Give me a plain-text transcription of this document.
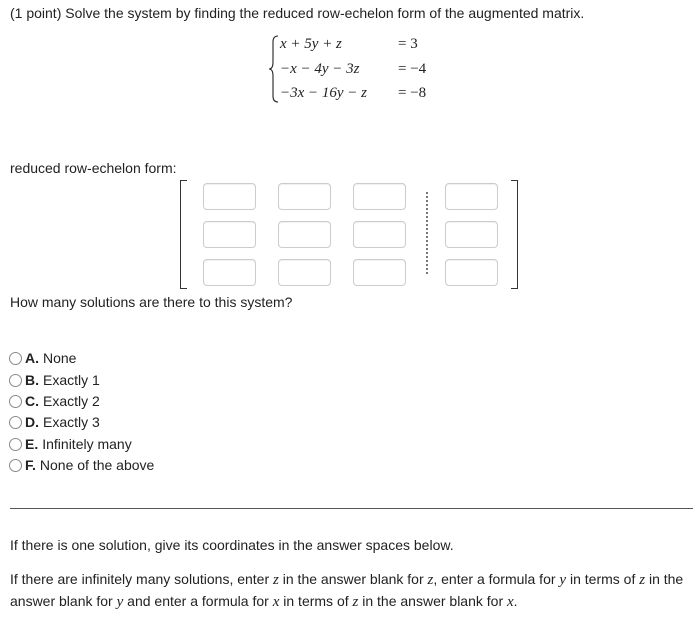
(1 point) Solve the system by finding the reduced row-echelon form of the augmented matrix.
x + 5y + z	= 3
−x − 4y − 3z	= −4
−3x − 16y − z = −8
reduced row-echelon form:
How many solutions are there to this system?
A. None
B. Exactly 1
C. Exactly 2
D. Exactly 3
E. Infinitely many
F. None of the above
If there is one solution, give its coordinates in the answer spaces below.
If there are infinitely many solutions, enter z in the answer blank for z, enter a formula for y in terms of z in the answer blank for y and enter a formula for x in terms of z in the answer blank for x.
